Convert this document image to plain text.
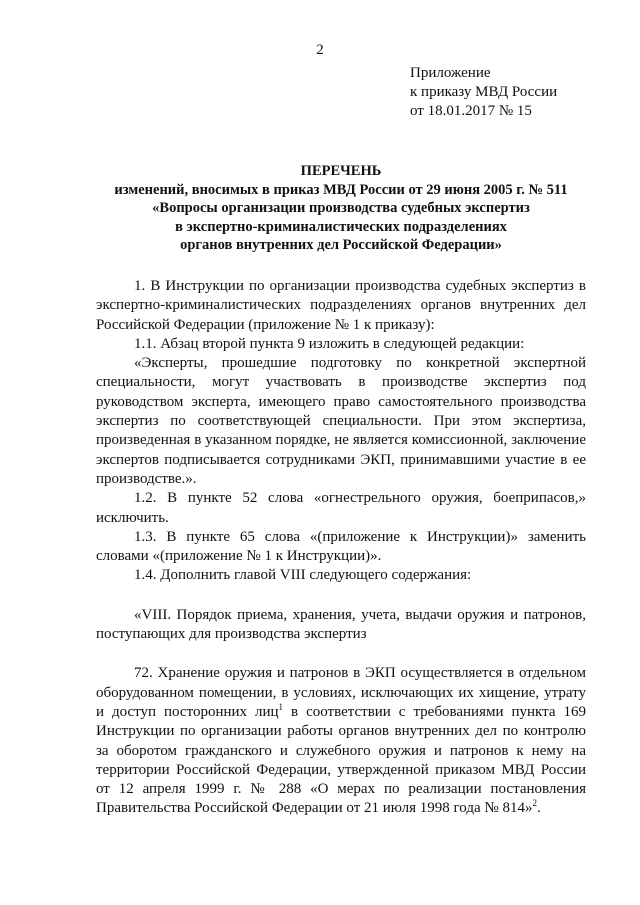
2
Приложение
к приказу МВД России
от 18.01.2017 № 15
ПЕРЕЧЕНЬ
изменений, вносимых в приказ МВД России от 29 июня 2005 г. № 511
«Вопросы организации производства судебных экспертиз
в экспертно-криминалистических подразделениях
органов внутренних дел Российской Федерации»

1. В Инструкции по организации производства судебных экспертиз в экспертно-криминалистических подразделениях органов внутренних дел Российской Федерации (приложение № 1 к приказу):

1.1. Абзац второй пункта 9 изложить в следующей редакции:

«Эксперты, прошедшие подготовку по конкретной экспертной специальности, могут участвовать в производстве экспертиз под руководством эксперта, имеющего право самостоятельного производства экспертиз по соответствующей специальности. При этом экспертиза, произведенная в указанном порядке, не является комиссионной, заключение экспертов подписывается сотрудниками ЭКП, принимавшими участие в ее производстве.».

1.2. В пункте 52 слова «огнестрельного оружия, боеприпасов,» исключить.

1.3. В пункте 65 слова «(приложение к Инструкции)» заменить словами «(приложение № 1 к Инструкции)».

1.4. Дополнить главой VIII следующего содержания:

«VIII. Порядок приема, хранения, учета, выдачи оружия и патронов, поступающих для производства экспертиз

72. Хранение оружия и патронов в ЭКП осуществляется в отдельном оборудованном помещении, в условиях, исключающих их хищение, утрату и доступ посторонних лиц$^1$ в соответствии с требованиями пункта 169 Инструкции по организации работы органов внутренних дел по контролю за оборотом гражданского и служебного оружия и патронов к нему на территории Российской Федерации, утвержденной приказом МВД России от 12 апреля 1999 г. № 288 «О мерах по реализации постановления Правительства Российской Федерации от 21 июля 1998 года № 814»$^2$.
